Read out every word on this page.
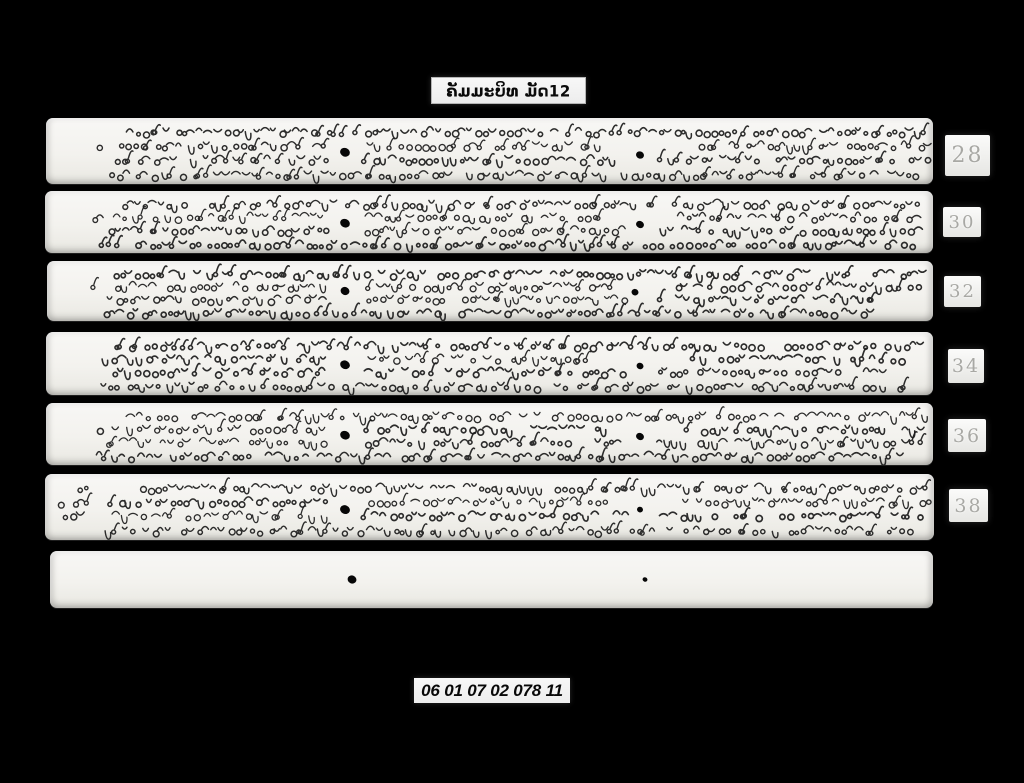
ຄັມມະບິທ ມັດ12
28
30
32
34
36
38
06 01 07 02 078 11
